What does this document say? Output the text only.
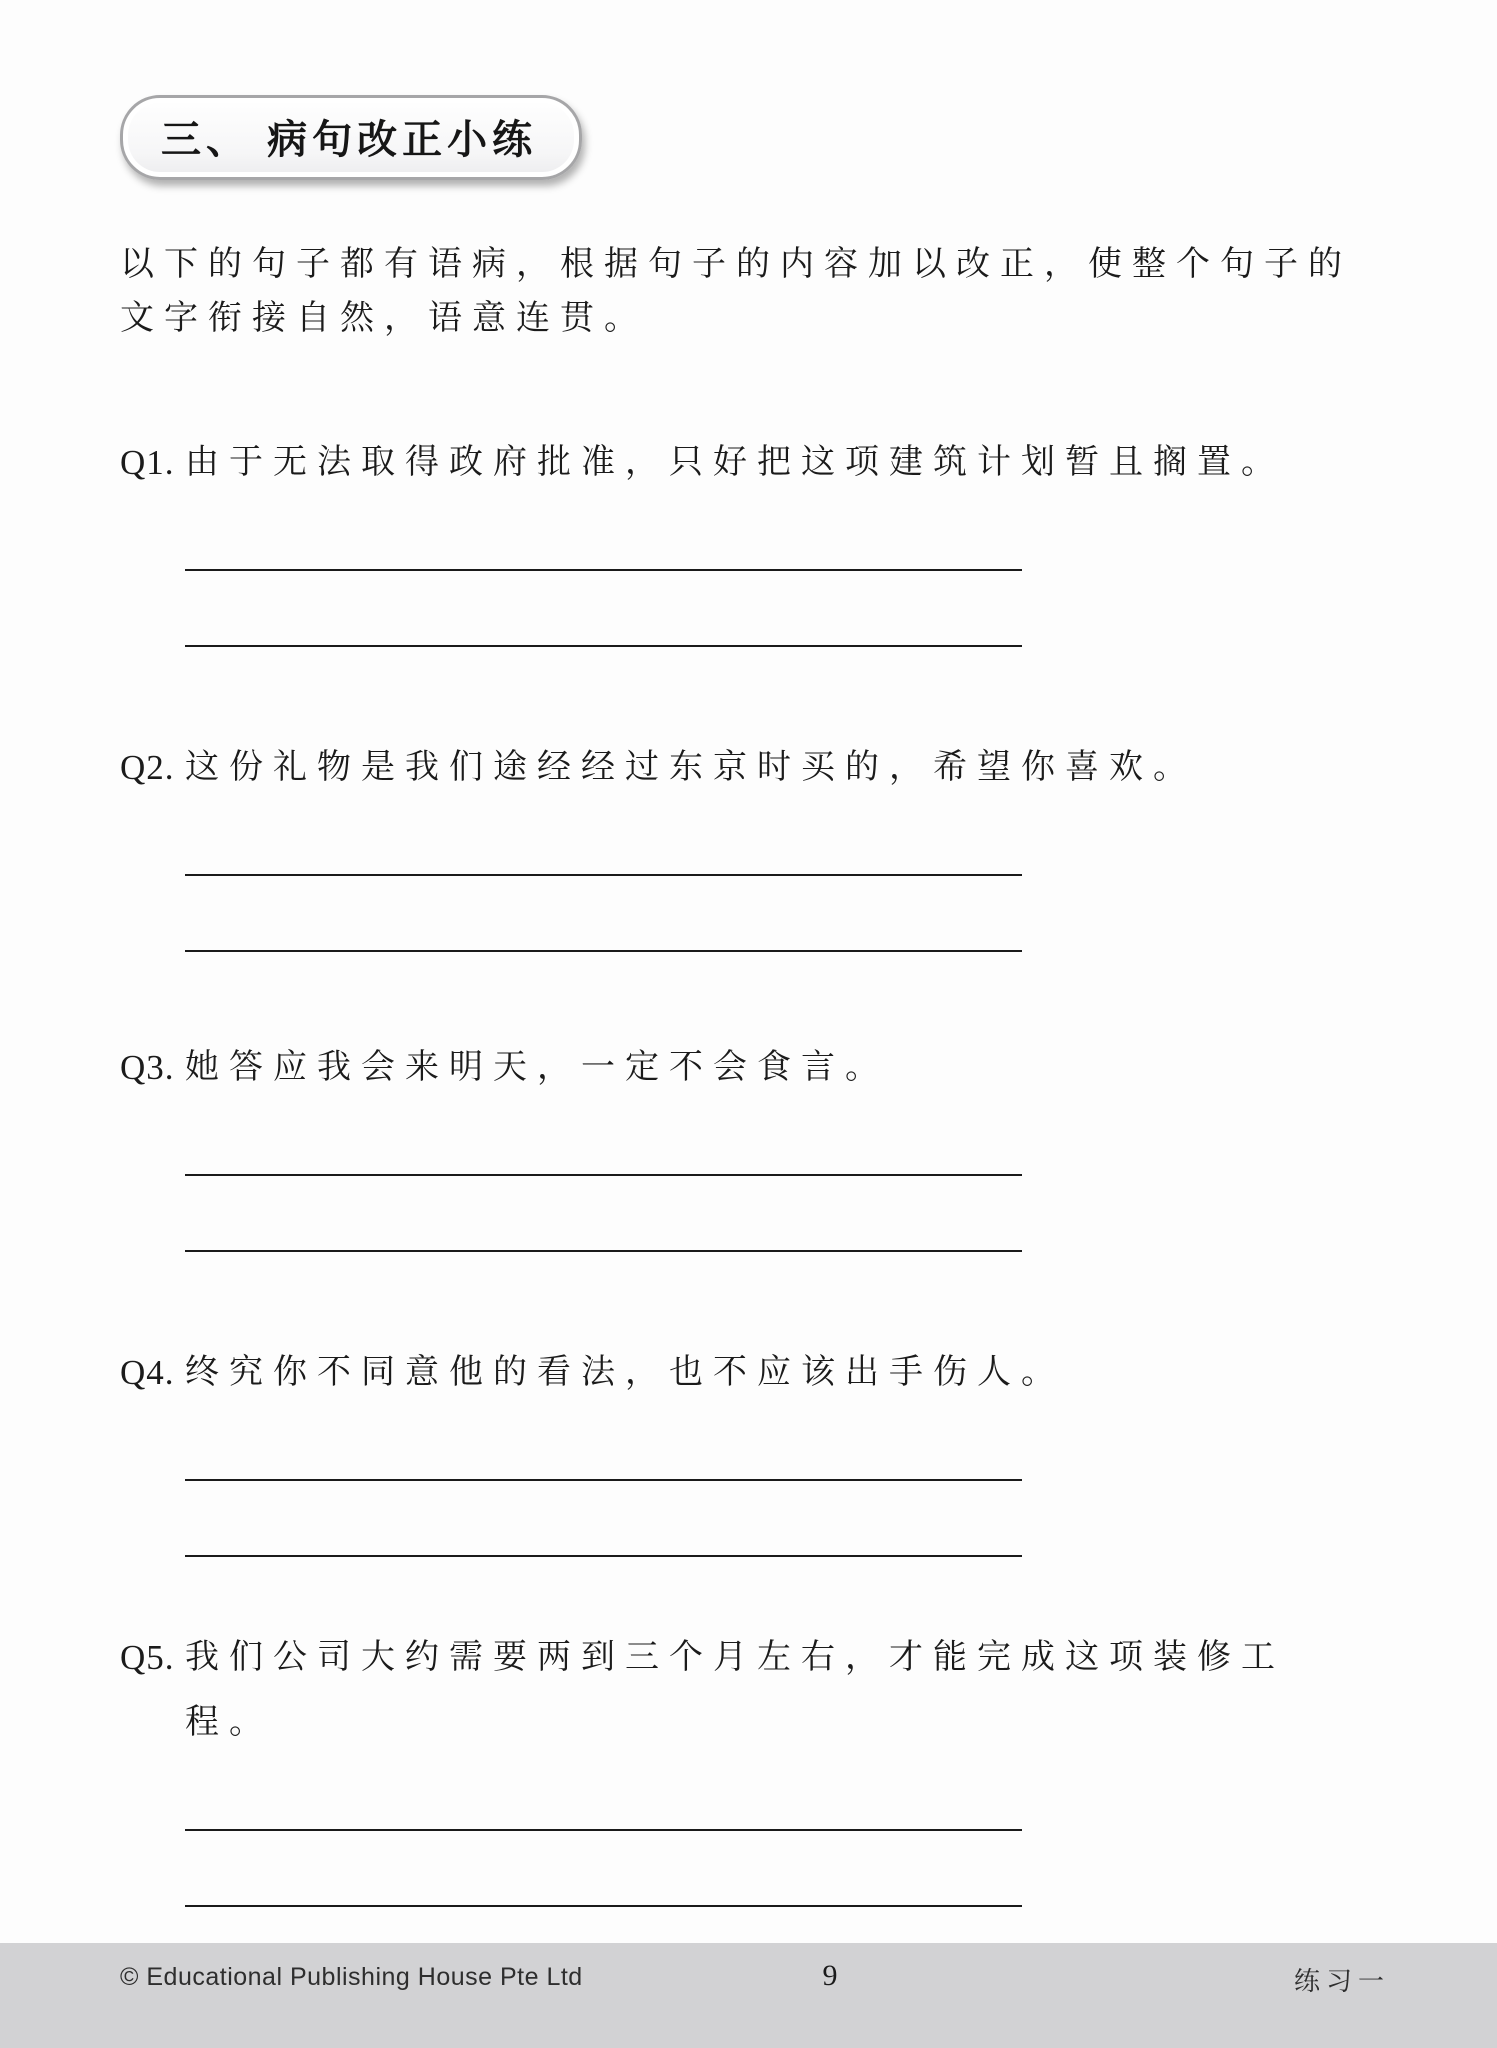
三、 病句改正小练
以下的句子都有语病，根据句子的内容加以改正，使整个句子的文字衔接自然，语意连贯。
Q1. 由于无法取得政府批准，只好把这项建筑计划暂且搁置。
Q2. 这份礼物是我们途经经过东京时买的，希望你喜欢。
Q3. 她答应我会来明天，一定不会食言。
Q4. 终究你不同意他的看法，也不应该出手伤人。
Q5. 我们公司大约需要两到三个月左右，才能完成这项装修工程。
© Educational Publishing House Pte Ltd	9	练习一
